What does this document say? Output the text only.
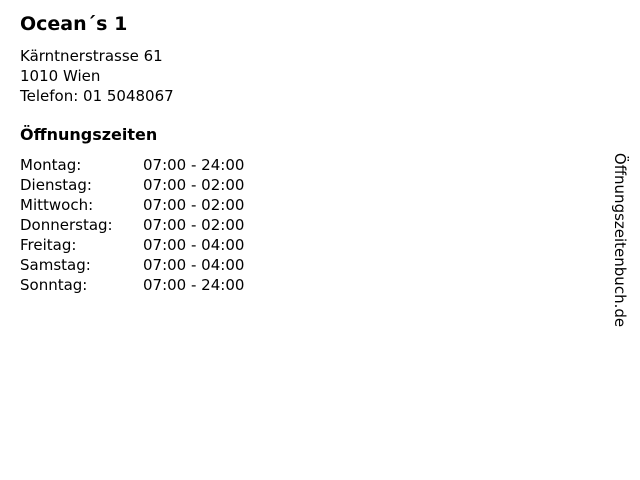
Ocean´s 1
Kärntnerstrasse 61
1010 Wien
Telefon: 01 5048067
Öffnungszeiten
Montag:	07:00 - 24:00
Dienstag:	07:00 - 02:00
Mittwoch:	07:00 - 02:00
Donnerstag:	07:00 - 02:00
Freitag:	07:00 - 04:00
Samstag:	07:00 - 04:00
Sonntag:	07:00 - 24:00	Öffnungszeitenbuch.de
